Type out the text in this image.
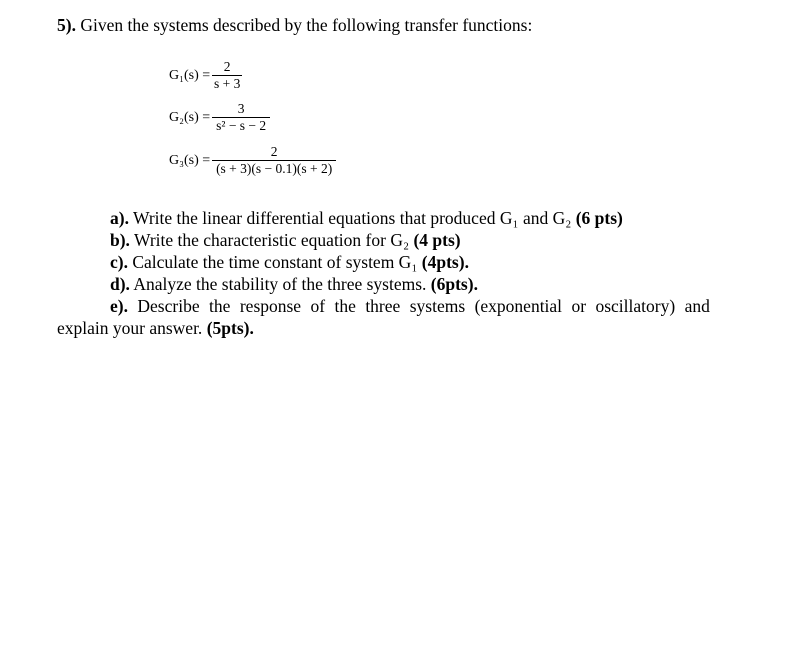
5). Given the systems described by the following transfer functions:
$G_1(s) = \frac{2}{s + 3}$
$G_2(s) = \frac{3}{\text{s² − s − 2}}$
$G_3(s) = \frac{2}{(s + 3)(s - 0.1)(s + 2)}$
a). Write the linear differential equations that produced G₁ and G₂ (6 pts)
b). Write the characteristic equation for G₂ (4 pts)
c). Calculate the time constant of system G₁ (4pts).
d). Analyze the stability of the three systems. (6pts).
e). Describe the response of the three systems (exponential or oscillatory) and
explain your answer. (5pts).
